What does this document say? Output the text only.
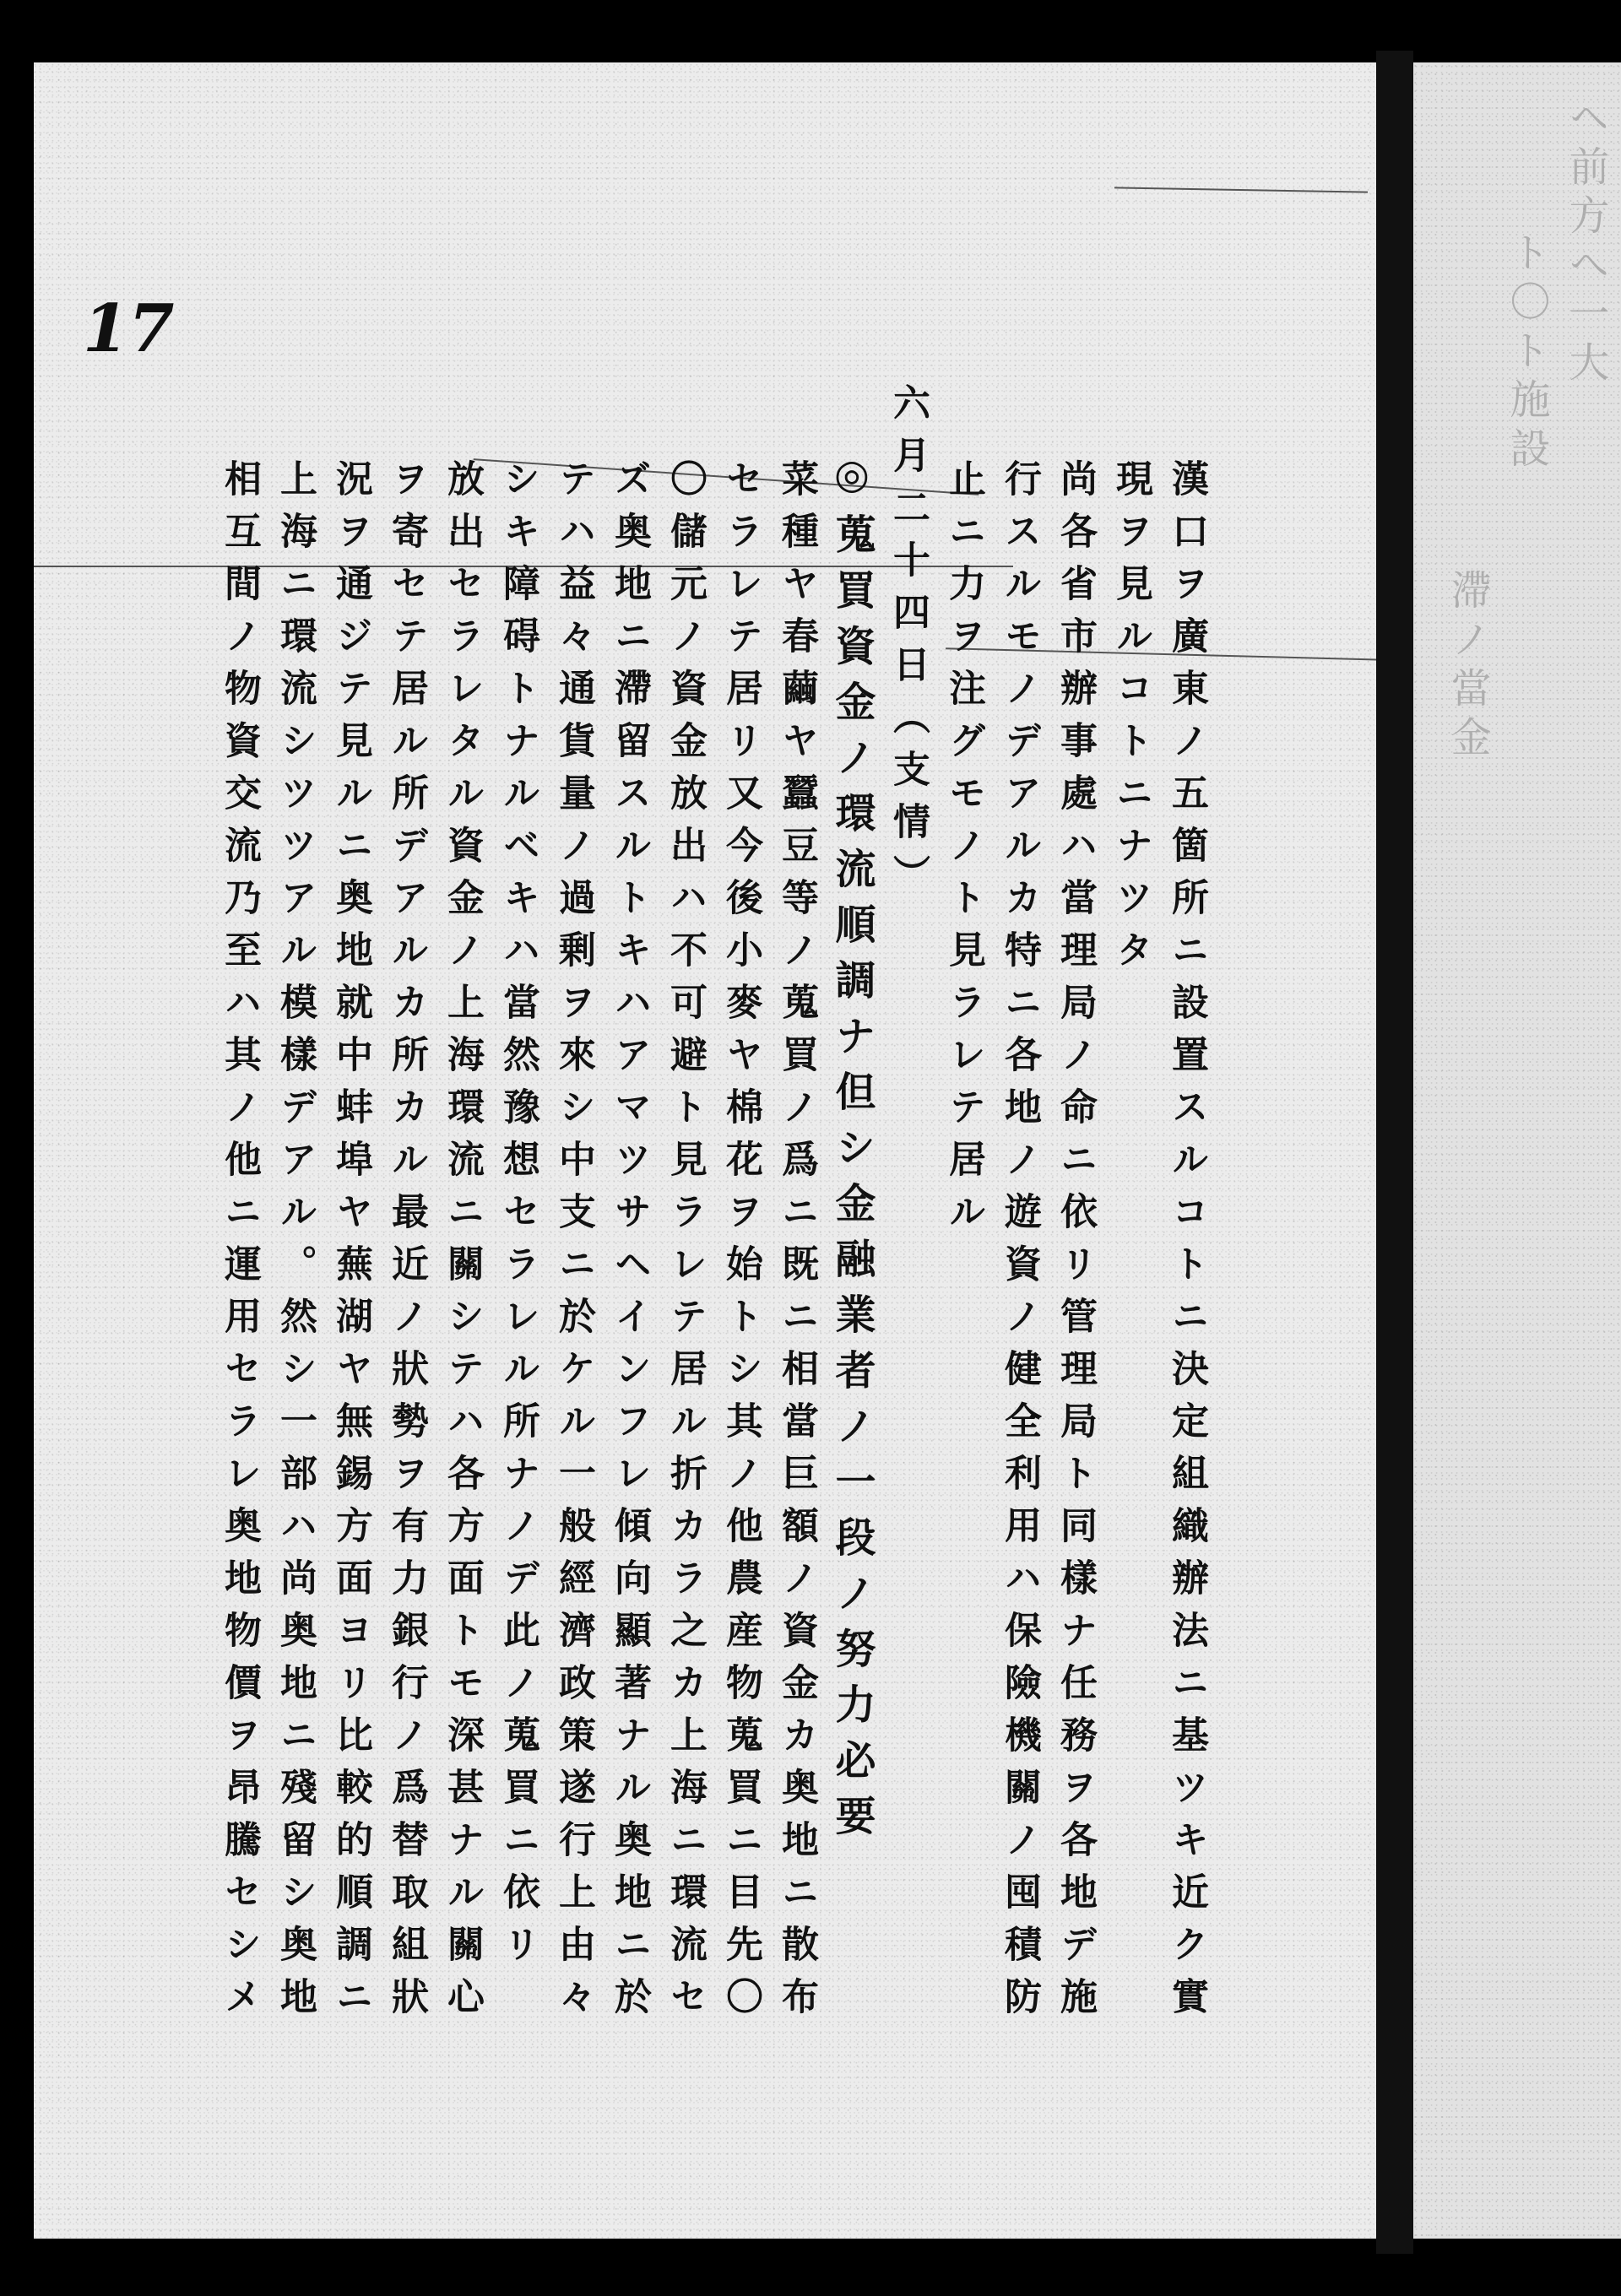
17
漢口ヲ廣東ノ五箇所ニ設置スルコトニ決定組織辦法ニ基ツキ近ク實
現ヲ見ルコトニナツタ
尚各省市辦事處ハ當理局ノ命ニ依リ管理局ト同樣ナ任務ヲ各地デ施
行スルモノデアルカ特ニ各地ノ遊資ノ健全利用ハ保險機關ノ囤積防
止ニ力ヲ注グモノト見ラレテ居ル
六月二十四日（支情）
◎蒐買資金ノ環流順調ナ但シ金融業者ノ一段ノ努力必要
菜種ヤ春繭ヤ蠶豆等ノ蒐買ノ爲ニ既ニ相當巨額ノ資金カ奥地ニ散布
セラレテ居リ又今後小麥ヤ棉花ヲ始トシ其ノ他農産物蒐買ニ目先〇
〇儲元ノ資金放出ハ不可避ト見ラレテ居ル折カラ之カ上海ニ環流セ
ズ奥地ニ滯留スルトキハアマツサヘインフレ傾向顯著ナル奥地ニ於
テハ益々通貨量ノ過剰ヲ來シ中支ニ於ケル一般經濟政策遂行上由々
シキ障碍トナルベキハ當然豫想セラレル所ナノデ此ノ蒐買ニ依リ
放出セラレタル資金ノ上海環流ニ關シテハ各方面トモ深甚ナル關心
ヲ寄セテ居ル所デアルカ所カル最近ノ狀勢ヲ有力銀行ノ爲替取組狀
況ヲ通ジテ見ルニ奥地就中蚌埠ヤ蕪湖ヤ無錫方面ヨリ比較的順調ニ
上海ニ環流シツツアル模樣デアル。然シ一部ハ尚奥地ニ殘留シ奥地
相互間ノ物資交流乃至ハ其ノ他ニ運用セラレ奥地物價ヲ昂騰セシメ
ヘ前方へ一大
ト〇ト施設
滯ノ當金
